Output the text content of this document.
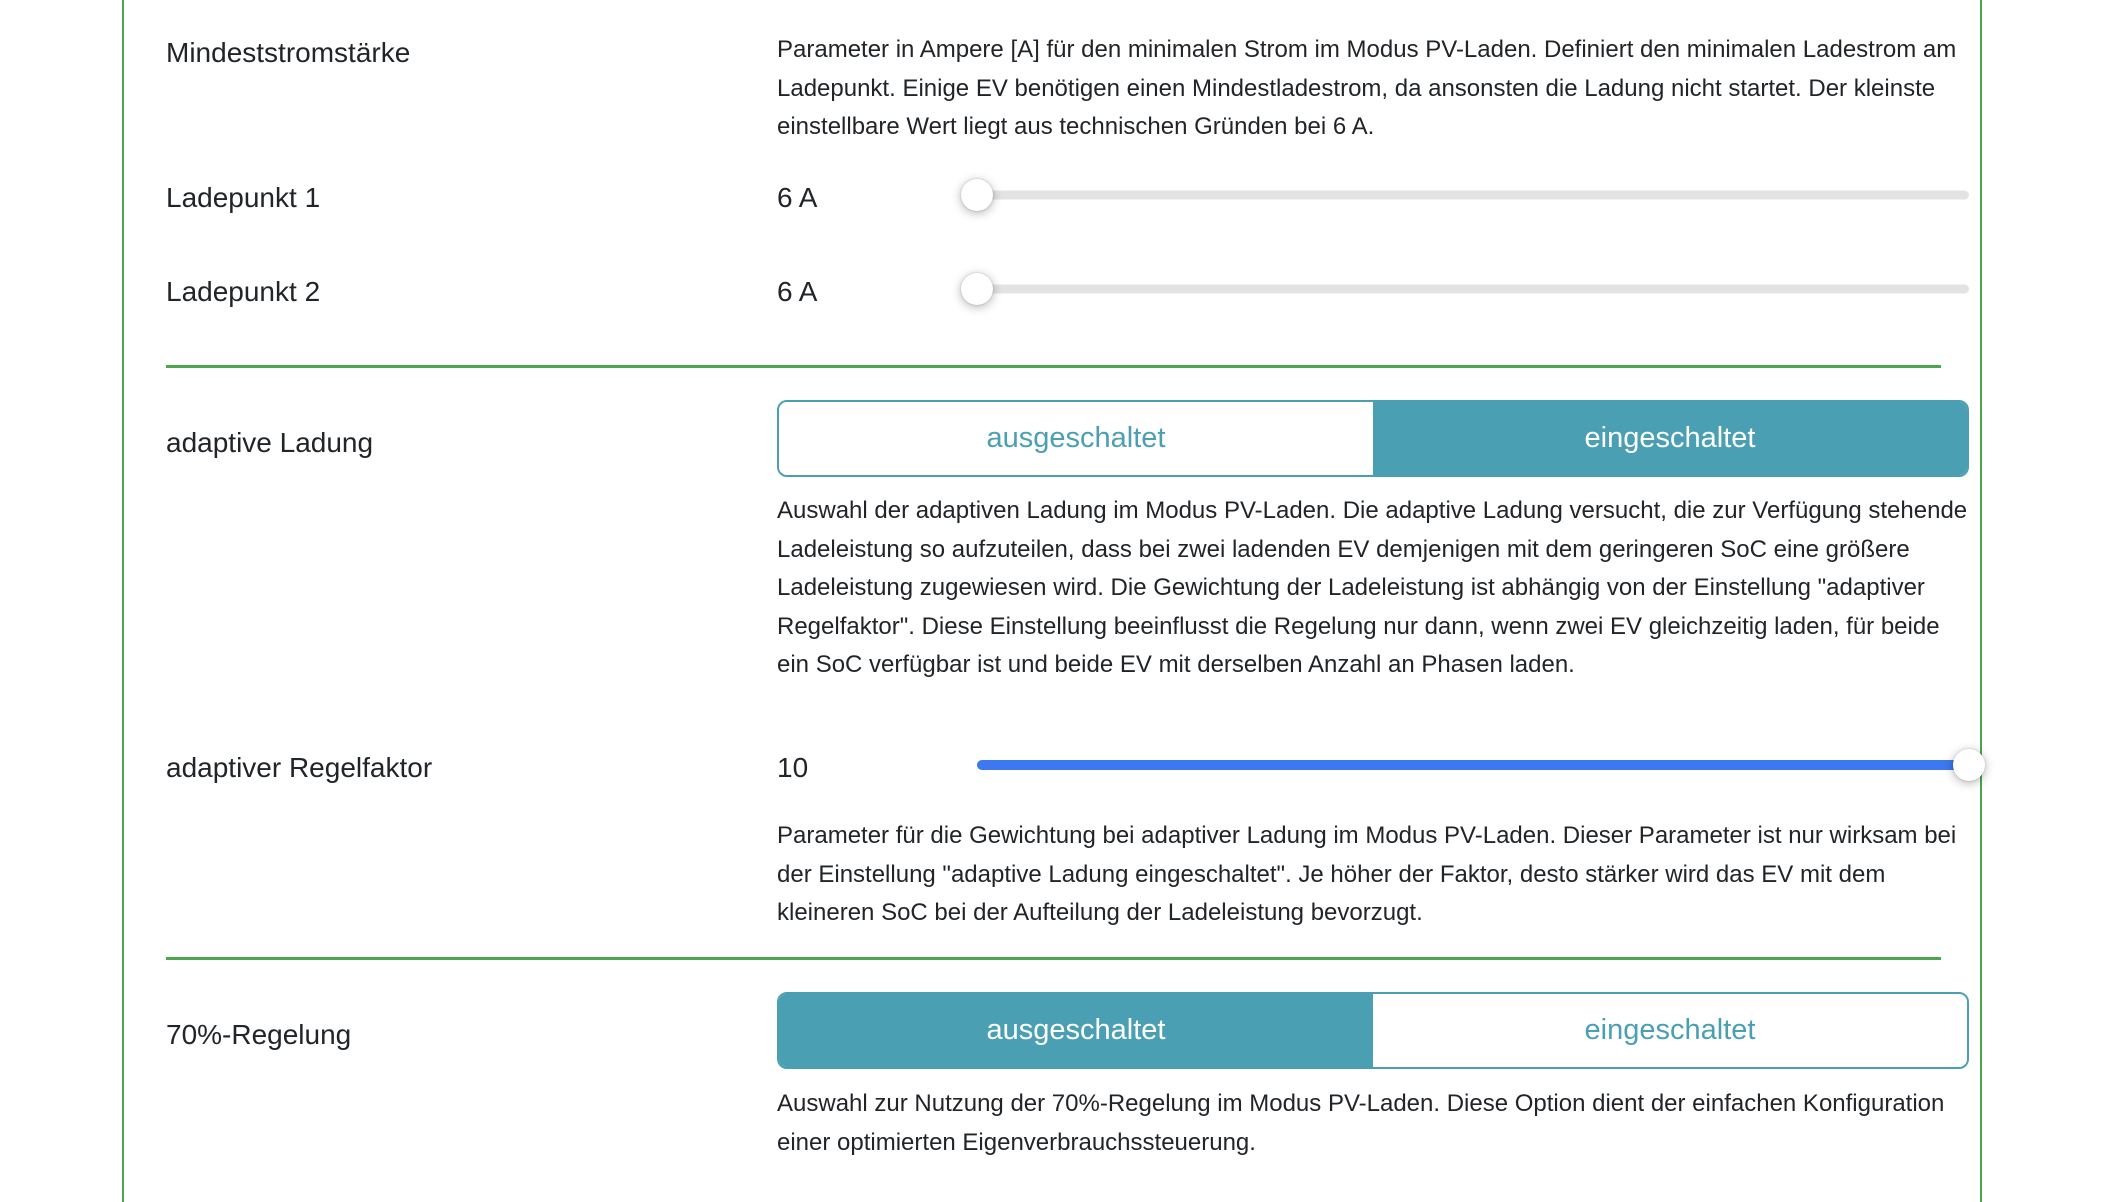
Mindeststromstärke	Parameter in Ampere [A] für den minimalen Strom im Modus PV-Laden. Definiert den minimalen Ladestrom am Ladepunkt. Einige EV benötigen einen Mindestladestrom, da ansonsten die Ladung nicht startet. Der kleinste einstellbare Wert liegt aus technischen Gründen bei 6 A.
Ladepunkt 1	6 A
Ladepunkt 2	6 A
adaptive Ladung	ausgeschaltet	eingeschaltet
Auswahl der adaptiven Ladung im Modus PV-Laden. Die adaptive Ladung versucht, die zur Verfügung stehende Ladeleistung so aufzuteilen, dass bei zwei ladenden EV demjenigen mit dem geringeren SoC eine größere Ladeleistung zugewiesen wird. Die Gewichtung der Ladeleistung ist abhängig von der Einstellung "adaptiver Regelfaktor". Diese Einstellung beeinflusst die Regelung nur dann, wenn zwei EV gleichzeitig laden, für beide ein SoC verfügbar ist und beide EV mit derselben Anzahl an Phasen laden.
adaptiver Regelfaktor	10
Parameter für die Gewichtung bei adaptiver Ladung im Modus PV-Laden. Dieser Parameter ist nur wirksam bei der Einstellung "adaptive Ladung eingeschaltet". Je höher der Faktor, desto stärker wird das EV mit dem kleineren SoC bei der Aufteilung der Ladeleistung bevorzugt.
70%-Regelung	ausgeschaltet	eingeschaltet
Auswahl zur Nutzung der 70%-Regelung im Modus PV-Laden. Diese Option dient der einfachen Konfiguration einer optimierten Eigenverbrauchssteuerung.
